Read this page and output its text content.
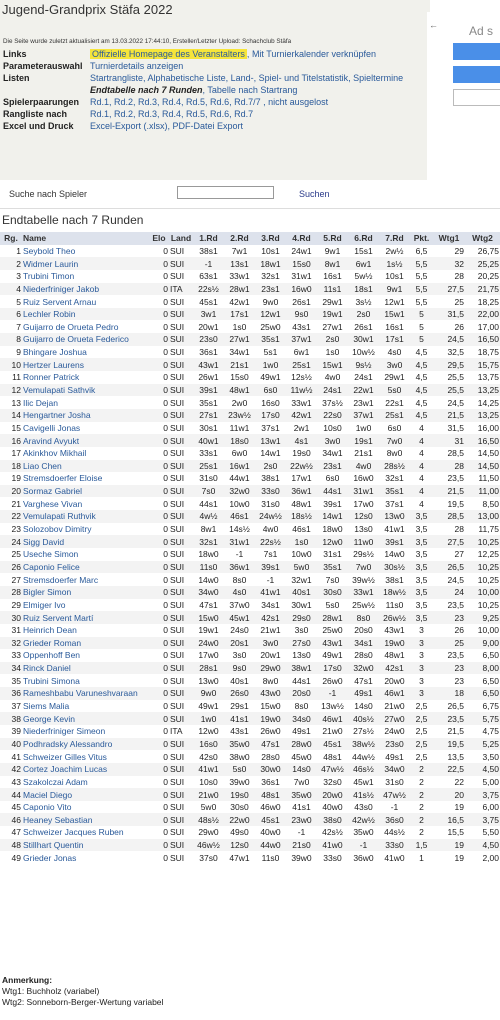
Jugend-Grandprix Stäfa 2022
Die Seite wurde zuletzt aktualisiert am 13.03.2022 17:44:10, Ersteller/Letzter Upload: Schachclub Stäfa
Links	Offizielle Homepage des Veranstalters , Mit Turnierkalender verknüpfen
Parameterauswahl	Turnierdetails anzeigen
Listen	Startrangliste, Alphabetische Liste, Land-, Spiel- und Titelstatistik, Spieltermine
	Endtabelle nach 7 Runden, Tabelle nach Startrang
Spielerpaarungen	Rd.1, Rd.2, Rd.3, Rd.4, Rd.5, Rd.6, Rd.7/7 , nicht ausgelost
Rangliste nach	Rd.1, Rd.2, Rd.3, Rd.4, Rd.5, Rd.6, Rd.7
Excel und Druck	Excel-Export (.xlsx), PDF-Datei Export
←	Ad s
Suche nach Spieler	Suchen
Endtabelle nach 7 Runden
Rg.	Name	Elo	Land	1.Rd	2.Rd	3.Rd	4.Rd	5.Rd	6.Rd	7.Rd	Pkt.	Wtg1	Wtg2
1	Seybold Theo	0	SUI	38s1	7w1	10s1	24w1	9w1	15s1	2w½	6,5	29	26,75
2	Widmer Laurin	0	SUI	-1	13s1	18w1	15s0	8w1	6w1	1s½	5,5	32	25,25
3	Trubini Timon	0	SUI	63s1	33w1	32s1	31w1	16s1	5w½	10s1	5,5	28	20,25
4	Niederfriniger Jakob	0	ITA	22s½	28w1	23s1	16w0	11s1	18s1	9w1	5,5	27,5	21,75
5	Ruiz Servent Arnau	0	SUI	45s1	42w1	9w0	26s1	29w1	3s½	12w1	5,5	25	18,25
6	Lechler Robin	0	SUI	3w1	17s1	12w1	9s0	19w1	2s0	15w1	5	31,5	22,00
7	Guijarro de Orueta Pedro	0	SUI	20w1	1s0	25w0	43s1	27w1	26s1	16s1	5	26	17,00
8	Guijarro de Orueta Federico	0	SUI	23s0	27w1	35s1	37w1	2s0	30w1	17s1	5	24,5	16,50
9	Bhingare Joshua	0	SUI	36s1	34w1	5s1	6w1	1s0	10w½	4s0	4,5	32,5	18,75
10	Hertzer Laurens	0	SUI	43w1	21s1	1w0	25s1	15w1	9s½	3w0	4,5	29,5	15,75
11	Ronner Patrick	0	SUI	26w1	15s0	49w1	12s½	4w0	24s1	29w1	4,5	25,5	13,75
12	Vemulapati Sathvik	0	SUI	39s1	48w1	6s0	11w½	24s1	22w1	5s0	4,5	25,5	13,25
13	Ilic Dejan	0	SUI	35s1	2w0	16s0	33w1	37s½	23w1	22s1	4,5	24,5	14,25
14	Hengartner Josha	0	SUI	27s1	23w½	17s0	42w1	22s0	37w1	25s1	4,5	21,5	13,25
15	Cavigelli Jonas	0	SUI	30s1	11w1	37s1	2w1	10s0	1w0	6s0	4	31,5	16,00
16	Aravind Avyukt	0	SUI	40w1	18s0	13w1	4s1	3w0	19s1	7w0	4	31	16,50
17	Akinkhov Mikhail	0	SUI	33s1	6w0	14w1	19s0	34w1	21s1	8w0	4	28,5	14,50
18	Liao Chen	0	SUI	25s1	16w1	2s0	22w½	23s1	4w0	28s½	4	28	14,50
19	Stremsdoerfer Eloise	0	SUI	31s0	44w1	38s1	17w1	6s0	16w0	32s1	4	23,5	11,50
20	Sormaz Gabriel	0	SUI	7s0	32w0	33s0	36w1	44s1	31w1	35s1	4	21,5	11,00
21	Varghese Vivan	0	SUI	44s1	10w0	31s0	48w1	39s1	17w0	37s1	4	19,5	8,50
22	Vemulapati Ruthvik	0	SUI	4w½	46s1	24w½	18s½	14w1	12s0	13w0	3,5	28,5	13,00
23	Solozobov Dimitry	0	SUI	8w1	14s½	4w0	46s1	18w0	13s0	41w1	3,5	28	11,75
24	Sigg David	0	SUI	32s1	31w1	22s½	1s0	12w0	11w0	39s1	3,5	27,5	10,25
25	Useche Simon	0	SUI	18w0	-1	7s1	10w0	31s1	29s½	14w0	3,5	27	12,25
26	Caponio Felice	0	SUI	11s0	36w1	39s1	5w0	35s1	7w0	30s½	3,5	26,5	10,25
27	Stremsdoerfer Marc	0	SUI	14w0	8s0	-1	32w1	7s0	39w½	38s1	3,5	24,5	10,25
28	Bigler Simon	0	SUI	34w0	4s0	41w1	40s1	30s0	33w1	18w½	3,5	24	10,00
29	Elmiger Ivo	0	SUI	47s1	37w0	34s1	30w1	5s0	25w½	11s0	3,5	23,5	10,25
30	Ruiz Servent Martí	0	SUI	15w0	45w1	42s1	29s0	28w1	8s0	26w½	3,5	23	9,25
31	Heinrich Dean	0	SUI	19w1	24s0	21w1	3s0	25w0	20s0	43w1	3	26	10,00
32	Grieder Roman	0	SUI	24w0	20s1	3w0	27s0	43w1	34s1	19w0	3	25	9,00
33	Oppenhoff Ben	0	SUI	17w0	3s0	20w1	13s0	49w1	28s0	48w1	3	23,5	6,50
34	Rinck Daniel	0	SUI	28s1	9s0	29w0	38w1	17s0	32w0	42s1	3	23	8,00
35	Trubini Simona	0	SUI	13w0	40s1	8w0	44s1	26w0	47s1	20w0	3	23	6,50
36	Rameshbabu Varuneshvaraan	0	SUI	9w0	26s0	43w0	20s0	-1	49s1	46w1	3	18	6,50
37	Siems Malia	0	SUI	49w1	29s1	15w0	8s0	13w½	14s0	21w0	2,5	26,5	6,75
38	George Kevin	0	SUI	1w0	41s1	19w0	34s0	46w1	40s½	27w0	2,5	23,5	5,75
39	Niederfriniger Simeon	0	ITA	12w0	43s1	26w0	49s1	21w0	27s½	24w0	2,5	21,5	4,75
40	Podhradsky Alessandro	0	SUI	16s0	35w0	47s1	28w0	45s1	38w½	23s0	2,5	19,5	5,25
41	Schweizer Gilles Vitus	0	SUI	42s0	38w0	28s0	45w0	48s1	44w½	49s1	2,5	13,5	3,50
42	Cortez Joachim Lucas	0	SUI	41w1	5s0	30w0	14s0	47w½	46s½	34w0	2	22,5	4,50
43	Szakolczai Adam	0	SUI	10s0	39w0	36s1	7w0	32s0	45w1	31s0	2	22	5,00
44	Maciel Diego	0	SUI	21w0	19s0	48s1	35w0	20w0	41s½	47w½	2	20	3,75
45	Caponio Vito	0	SUI	5w0	30s0	46w0	41s1	40w0	43s0	-1	2	19	6,00
46	Heaney Sebastian	0	SUI	48s½	22w0	45s1	23w0	38s0	42w½	36s0	2	16,5	3,75
47	Schweizer Jacques Ruben	0	SUI	29w0	49s0	40w0	-1	42s½	35w0	44s½	2	15,5	5,50
48	Stillhart Quentin	0	SUI	46w½	12s0	44w0	21s0	41w0	-1	33s0	1,5	19	4,50
49	Grieder Jonas	0	SUI	37s0	47w1	11s0	39w0	33s0	36w0	41w0	1	19	2,00
Anmerkung:
Wtg1: Buchholz (variabel)
Wtg2: Sonneborn-Berger-Wertung variabel
